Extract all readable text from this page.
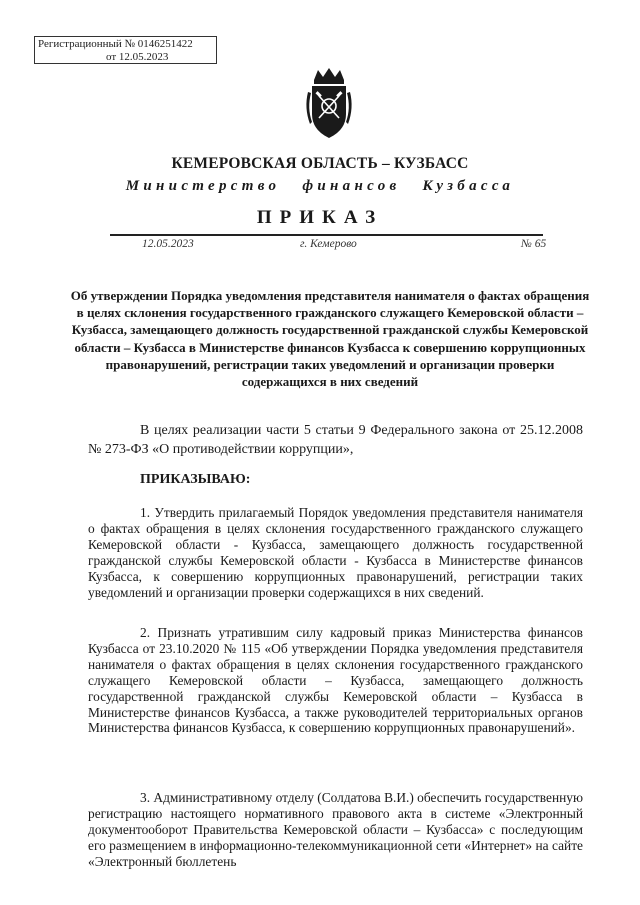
Регистрационный № 0146251422
от 12.05.2023
КЕМЕРОВСКАЯ ОБЛАСТЬ – КУЗБАСС
Министерство финансов Кузбасса
ПРИКАЗ
12.05.2023	г. Кемерово	№ 65
Об утверждении Порядка уведомления представителя нанимателя о фактах обращения в целях склонения государственного гражданского служащего Кемеровской области – Кузбасса, замещающего должность государственной гражданской службы Кемеровской области – Кузбасса в Министерстве финансов Кузбасса к совершению коррупционных правонарушений, регистрации таких уведомлений и организации проверки содержащихся в них сведений
В целях реализации части 5 статьи 9 Федерального закона от 25.12.2008 № 273-ФЗ «О противодействии коррупции»,
ПРИКАЗЫВАЮ:
1. Утвердить прилагаемый Порядок уведомления представителя нанимателя о фактах обращения в целях склонения государственного гражданского служащего Кемеровской области - Кузбасса, замещающего должность государственной гражданской службы Кемеровской области - Кузбасса в Министерстве финансов Кузбасса, к совершению коррупционных правонарушений, регистрации таких уведомлений и организации проверки содержащихся в них сведений.
2. Признать утратившим силу кадровый приказ Министерства финансов Кузбасса от 23.10.2020 № 115 «Об утверждении Порядка уведомления представителя нанимателя о фактах обращения в целях склонения государственного гражданского служащего Кемеровской области – Кузбасса, замещающего должность государственной гражданской службы Кемеровской области – Кузбасса в Министерстве финансов Кузбасса, а также руководителей территориальных органов Министерства финансов Кузбасса, к совершению коррупционных правонарушений».
3. Административному отделу (Солдатова В.И.) обеспечить государственную регистрацию настоящего нормативного правового акта в системе «Электронный документооборот Правительства Кемеровской области – Кузбасса» с последующим его размещением в информационно-телекоммуникационной сети «Интернет» на сайте «Электронный бюллетень
